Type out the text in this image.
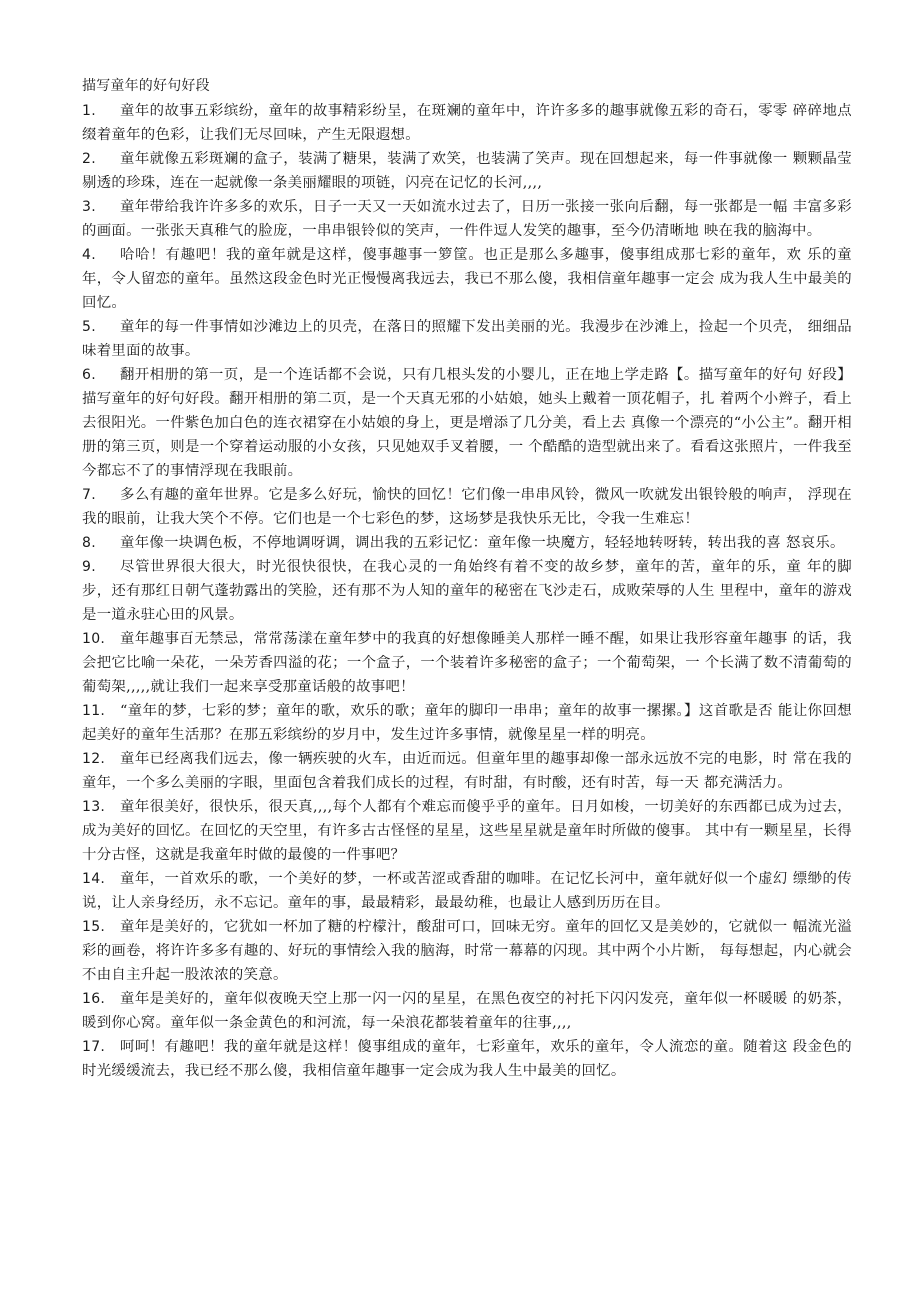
描写童年的好句好段

1. 童年的故事五彩缤纷，童年的故事精彩纷呈，在斑斓的童年中，许许多多的趣事就像五彩的奇石，零零 碎碎地点缀着童年的色彩，让我们无尽回味，产生无限遐想。

2. 童年就像五彩斑斓的盒子，装满了糖果，装满了欢笑，也装满了笑声。现在回想起来，每一件事就像一 颗颗晶莹剔透的珍珠，连在一起就像一条美丽耀眼的项链，闪亮在记忆的长河,,,,

3. 童年带给我许许多多的欢乐，日子一天又一天如流水过去了，日历一张接一张向后翻，每一张都是一幅 丰富多彩的画面。一张张天真稚气的脸庞，一串串银铃似的笑声，一件件逗人发笑的趣事，至今仍清晰地 映在我的脑海中。

4. 哈哈！有趣吧！我的童年就是这样，傻事趣事一箩筐。也正是那么多趣事，傻事组成那七彩的童年，欢 乐的童年，令人留恋的童年。虽然这段金色时光正慢慢离我远去，我已不那么傻，我相信童年趣事一定会 成为我人生中最美的回忆。

5. 童年的每一件事情如沙滩边上的贝壳，在落日的照耀下发出美丽的光。我漫步在沙滩上，捡起一个贝壳， 细细品味着里面的故事。

6. 翻开相册的第一页，是一个连话都不会说，只有几根头发的小婴儿，正在地上学走路【。描写童年的好句 好段】描写童年的好句好段。翻开相册的第二页，是一个天真无邪的小姑娘，她头上戴着一顶花帽子，扎 着两个小辫子，看上去很阳光。一件紫色加白色的连衣裙穿在小姑娘的身上，更是增添了几分美，看上去 真像一个漂亮的“小公主”。翻开相册的第三页，则是一个穿着运动服的小女孩，只见她双手叉着腰，一 个酷酷的造型就出来了。看看这张照片，一件我至今都忘不了的事情浮现在我眼前。

7. 多么有趣的童年世界。它是多么好玩，愉快的回忆！它们像一串串风铃，微风一吹就发出银铃般的响声， 浮现在我的眼前，让我大笑个不停。它们也是一个七彩色的梦，这场梦是我快乐无比，令我一生难忘！

8. 童年像一块调色板，不停地调呀调，调出我的五彩记忆：童年像一块魔方，轻轻地转呀转，转出我的喜 怒哀乐。

9. 尽管世界很大很大，时光很快很快，在我心灵的一角始终有着不变的故乡梦，童年的苦，童年的乐，童 年的脚步，还有那红日朝气蓬勃露出的笑脸，还有那不为人知的童年的秘密在飞沙走石，成败荣辱的人生 里程中，童年的游戏是一道永驻心田的风景。

10. 童年趣事百无禁忌，常常荡漾在童年梦中的我真的好想像睡美人那样一睡不醒，如果让我形容童年趣事 的话，我会把它比喻一朵花，一朵芳香四溢的花；一个盒子，一个装着许多秘密的盒子；一个葡萄架，一 个长满了数不清葡萄的葡萄架,,,,,就让我们一起来享受那童话般的故事吧！

11. “童年的梦，七彩的梦；童年的歌，欢乐的歌；童年的脚印一串串；童年的故事一摞摞。】这首歌是否 能让你回想起美好的童年生活那？在那五彩缤纷的岁月中，发生过许多事情，就像星星一样的明亮。

12. 童年已经离我们远去，像一辆疾驶的火车，由近而远。但童年里的趣事却像一部永远放不完的电影，时 常在我的童年，一个多么美丽的字眼，里面包含着我们成长的过程，有时甜，有时酸，还有时苦，每一天 都充满活力。

13. 童年很美好，很快乐，很天真,,,,每个人都有个难忘而傻乎乎的童年。日月如梭，一切美好的东西都已成为过去，成为美好的回忆。在回忆的天空里，有许多古古怪怪的星星，这些星星就是童年时所做的傻事。 其中有一颗星星，长得十分古怪，这就是我童年时做的最傻的一件事吧？

14. 童年，一首欢乐的歌，一个美好的梦，一杯或苦涩或香甜的咖啡。在记忆长河中，童年就好似一个虚幻 缥缈的传说，让人亲身经历，永不忘记。童年的事，最最精彩，最最幼稚，也最让人感到历历在目。

15. 童年是美好的，它犹如一杯加了糖的柠檬汁，酸甜可口，回味无穷。童年的回忆又是美妙的，它就似一 幅流光溢彩的画卷，将许许多多有趣的、好玩的事情绘入我的脑海，时常一幕幕的闪现。其中两个小片断， 每每想起，内心就会不由自主升起一股浓浓的笑意。

16. 童年是美好的，童年似夜晚天空上那一闪一闪的星星，在黑色夜空的衬托下闪闪发亮，童年似一杯暖暖 的奶茶，暖到你心窝。童年似一条金黄色的和河流，每一朵浪花都装着童年的往事,,,,

17. 呵呵！有趣吧！我的童年就是这样！傻事组成的童年，七彩童年，欢乐的童年，令人流恋的童。随着这 段金色的时光缓缓流去，我已经不那么傻，我相信童年趣事一定会成为我人生中最美的回忆。
